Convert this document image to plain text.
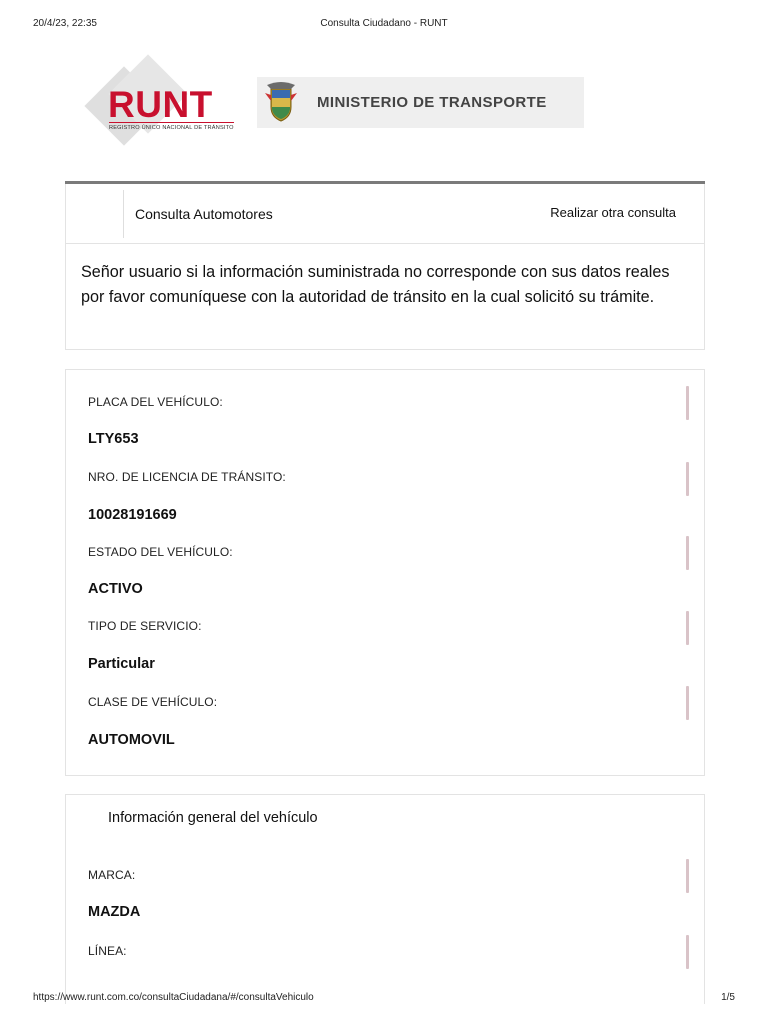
20/4/23, 22:35	Consulta Ciudadano - RUNT
RUNT
REGISTRO ÚNICO NACIONAL DE TRÁNSITO
MINISTERIO DE TRANSPORTE
Consulta Automotores	Realizar otra consulta
Señor usuario si la información suministrada no corresponde con sus datos reales por favor comuníquese con la autoridad de tránsito en la cual solicitó su trámite.
PLACA DEL VEHÍCULO:
LTY653
NRO. DE LICENCIA DE TRÁNSITO:
10028191669
ESTADO DEL VEHÍCULO:
ACTIVO
TIPO DE SERVICIO:
Particular
CLASE DE VEHÍCULO:
AUTOMOVIL
Información general del vehículo
MARCA:
MAZDA
LÍNEA:
https://www.runt.com.co/consultaCiudadana/#/consultaVehiculo	1/5
